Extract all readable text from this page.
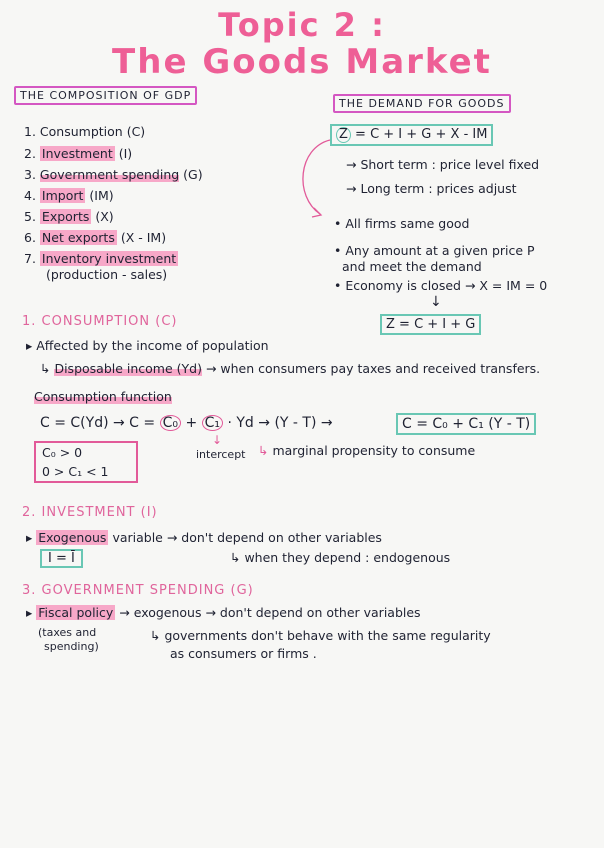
Topic 2 :
The Goods Market
THE COMPOSITION OF GDP
THE DEMAND FOR GOODS
1. Consumption (C)
2. Investment (I)
3. Government spending (G)
4. Import (IM)
5. Exports (X)
6. Net exports (X - IM)
7. Inventory investment
(production - sales)
Z = C + I + G + X - IM
→ Short term : price level fixed
→ Long term : prices adjust
• All firms same good
• Any amount at a given price P
and meet the demand
• Economy is closed → X = IM = 0
↓
Z = C + I + G
1. CONSUMPTION (C)
▸ Affected by the income of population
↳ Disposable income (Yd) → when consumers pay taxes and received transfers.
Consumption function
C = C(Yd) → C = C₀ + C₁ · Yd → (Y - T) →	C = C₀ + C₁ (Y - T)
C₀ > 0
0 > C₁ < 1
↓
intercept ↳ marginal propensity to consume
2. INVESTMENT (I)
▸ Exogenous variable → don't depend on other variables
I = Ī	↳ when they depend : endogenous
3. GOVERNMENT SPENDING (G)
▸ Fiscal policy → exogenous → don't depend on other variables
(taxes and
spending)
↳ governments don't behave with the same regularity
as consumers or firms .
